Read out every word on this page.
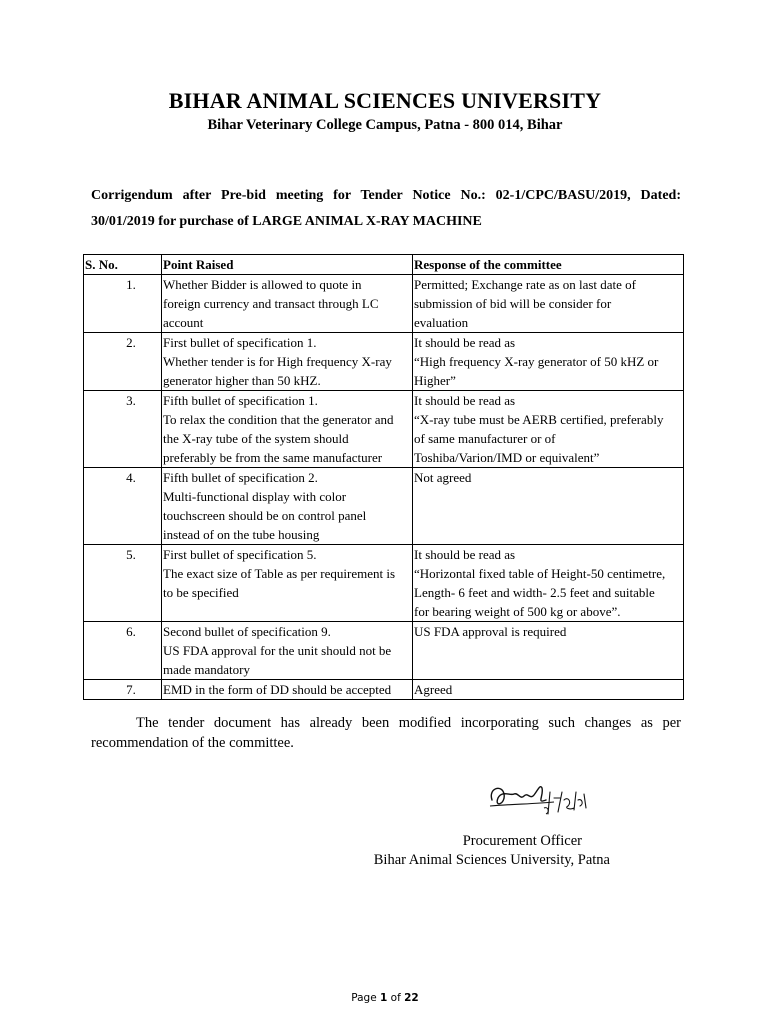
BIHAR ANIMAL SCIENCES UNIVERSITY
Bihar Veterinary College Campus, Patna - 800 014, Bihar
Corrigendum after Pre-bid meeting for Tender Notice No.: 02-1/CPC/BASU/2019, Dated:
30/01/2019 for purchase of LARGE ANIMAL X-RAY MACHINE
S. No.	Point Raised	Response of the committee
1.	Whether Bidder is allowed to quote in
foreign currency and transact through LC
account	Permitted; Exchange rate as on last date of
submission of bid will be consider for
evaluation

2.	First bullet of specification 1.
Whether tender is for High frequency X-ray
generator higher than 50 kHZ.	It should be read as
“High frequency X-ray generator of 50 kHZ or
Higher”

3.	Fifth bullet of specification 1.
To relax the condition that the generator and
the X-ray tube of the system should
preferably be from the same manufacturer	It should be read as
“X-ray tube must be AERB certified, preferably
of same manufacturer or of
Toshiba/Varion/IMD or equivalent”

4.	Fifth bullet of specification 2.
Multi-functional display with color
touchscreen should be on control panel
instead of on the tube housing	Not agreed

5.	First bullet of specification 5.
The exact size of Table as per requirement is
to be specified	It should be read as
“Horizontal fixed table of Height-50 centimetre,
Length- 6 feet and width- 2.5 feet and suitable
for bearing weight of 500 kg or above”.

6.	Second bullet of specification 9.
US FDA approval for the unit should not be
made mandatory	US FDA approval is required

7.	EMD in the form of DD should be accepted	Agreed
The tender document has already been modified incorporating such changes as per
recommendation of the committee.
Procurement Officer
Bihar Animal Sciences University, Patna
Page 1 of 22
